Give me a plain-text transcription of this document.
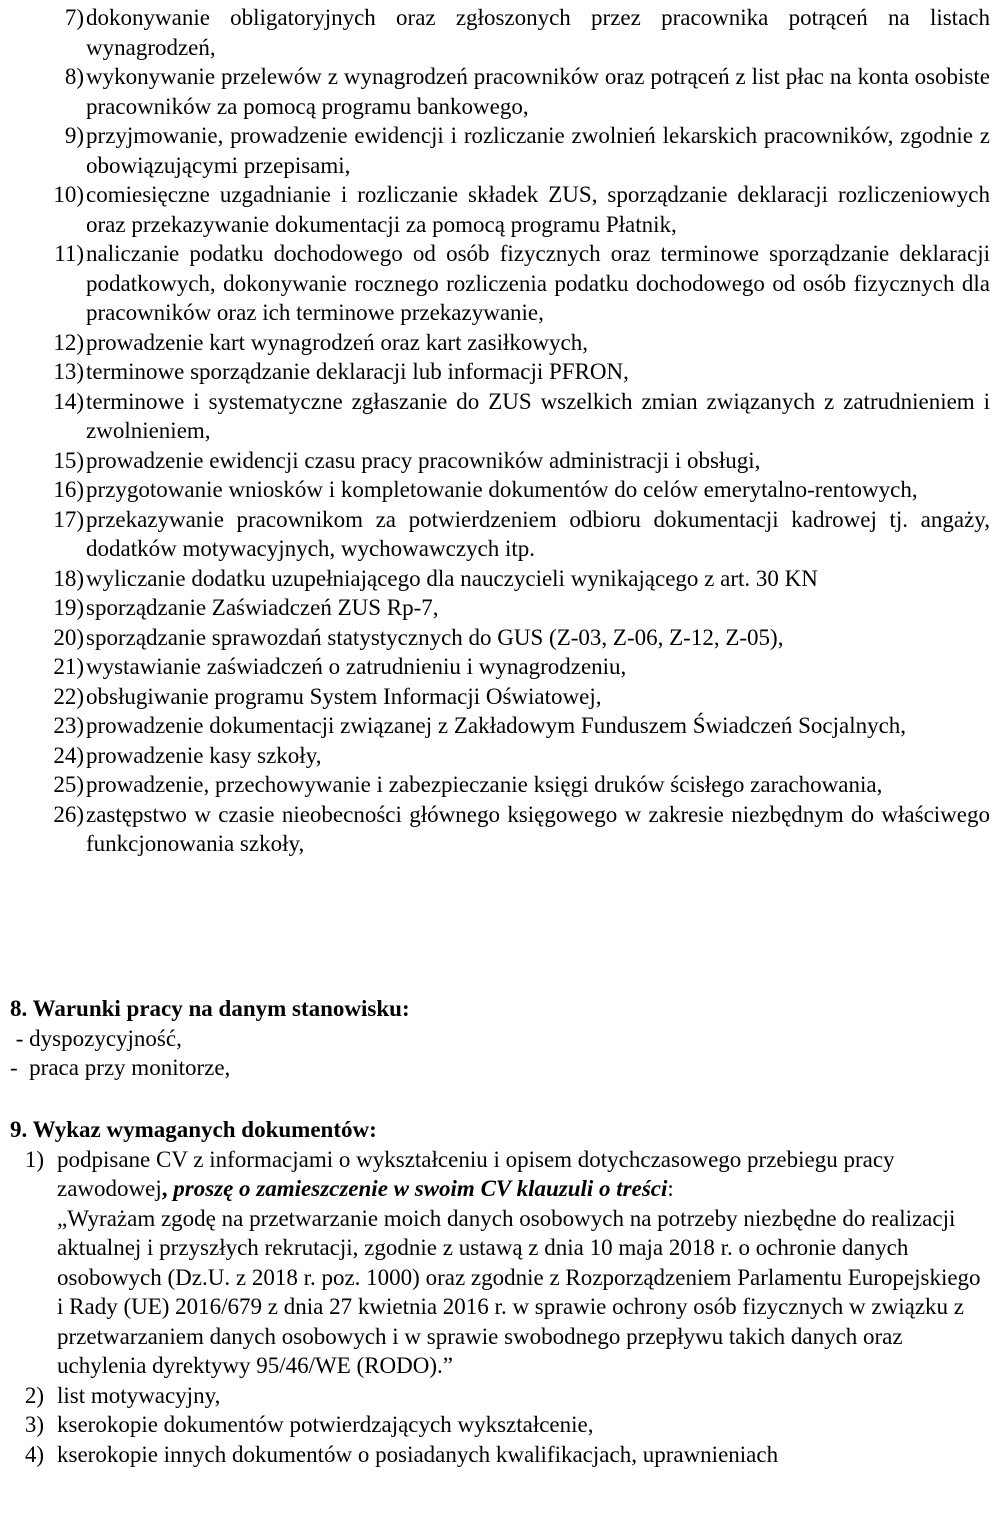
7) dokonywanie obligatoryjnych oraz zgłoszonych przez pracownika potrąceń na listach wynagrodzeń,
8) wykonywanie przelewów z wynagrodzeń pracowników oraz potrąceń z list płac na konta osobiste pracowników za pomocą programu bankowego,
9) przyjmowanie, prowadzenie ewidencji i rozliczanie zwolnień lekarskich pracowników, zgodnie z obowiązującymi przepisami,
10) comiesięczne uzgadnianie i rozliczanie składek ZUS, sporządzanie deklaracji rozliczeniowych oraz przekazywanie dokumentacji za pomocą programu Płatnik,
11) naliczanie podatku dochodowego od osób fizycznych oraz terminowe sporządzanie deklaracji podatkowych, dokonywanie rocznego rozliczenia podatku dochodowego od osób fizycznych dla pracowników oraz ich terminowe przekazywanie,
12) prowadzenie kart wynagrodzeń oraz kart zasiłkowych,
13) terminowe sporządzanie deklaracji lub informacji PFRON,
14) terminowe i systematyczne zgłaszanie do ZUS wszelkich zmian związanych z zatrudnieniem i zwolnieniem,
15) prowadzenie ewidencji czasu pracy pracowników administracji i obsługi,
16) przygotowanie wniosków i kompletowanie dokumentów do celów emerytalno-rentowych,
17) przekazywanie pracownikom za potwierdzeniem odbioru dokumentacji kadrowej tj. angaży, dodatków motywacyjnych, wychowawczych itp.
18) wyliczanie dodatku uzupełniającego dla nauczycieli wynikającego z art. 30 KN
19) sporządzanie Zaświadczeń ZUS Rp-7,
20) sporządzanie sprawozdań statystycznych do GUS (Z-03, Z-06, Z-12, Z-05),
21) wystawianie zaświadczeń o zatrudnieniu i wynagrodzeniu,
22) obsługiwanie programu System Informacji Oświatowej,
23) prowadzenie dokumentacji związanej z Zakładowym Funduszem Świadczeń Socjalnych,
24) prowadzenie kasy szkoły,
25) prowadzenie, przechowywanie i zabezpieczanie księgi druków ścisłego zarachowania,
26) zastępstwo w czasie nieobecności głównego księgowego w zakresie niezbędnym do właściwego funkcjonowania szkoły,
8. Warunki pracy na danym stanowisku:
- dyspozycyjność,
-  praca przy monitorze,
9. Wykaz wymaganych dokumentów:
1) podpisane CV z informacjami o wykształceniu i opisem dotychczasowego przebiegu pracy zawodowej, proszę o zamieszczenie w swoim CV klauzuli o treści:
„Wyrażam zgodę na przetwarzanie moich danych osobowych na potrzeby niezbędne do realizacji aktualnej i przyszłych rekrutacji, zgodnie z ustawą z dnia 10 maja 2018 r. o ochronie danych osobowych (Dz.U. z 2018 r. poz. 1000) oraz zgodnie z Rozporządzeniem Parlamentu Europejskiego i Rady (UE) 2016/679 z dnia 27 kwietnia 2016 r. w sprawie ochrony osób fizycznych w związku z przetwarzaniem danych osobowych i w sprawie swobodnego przepływu takich danych oraz uchylenia dyrektywy 95/46/WE (RODO).”
2) list motywacyjny,
3) kserokopie dokumentów potwierdzających wykształcenie,
4) kserokopie innych dokumentów o posiadanych kwalifikacjach, uprawnieniach
